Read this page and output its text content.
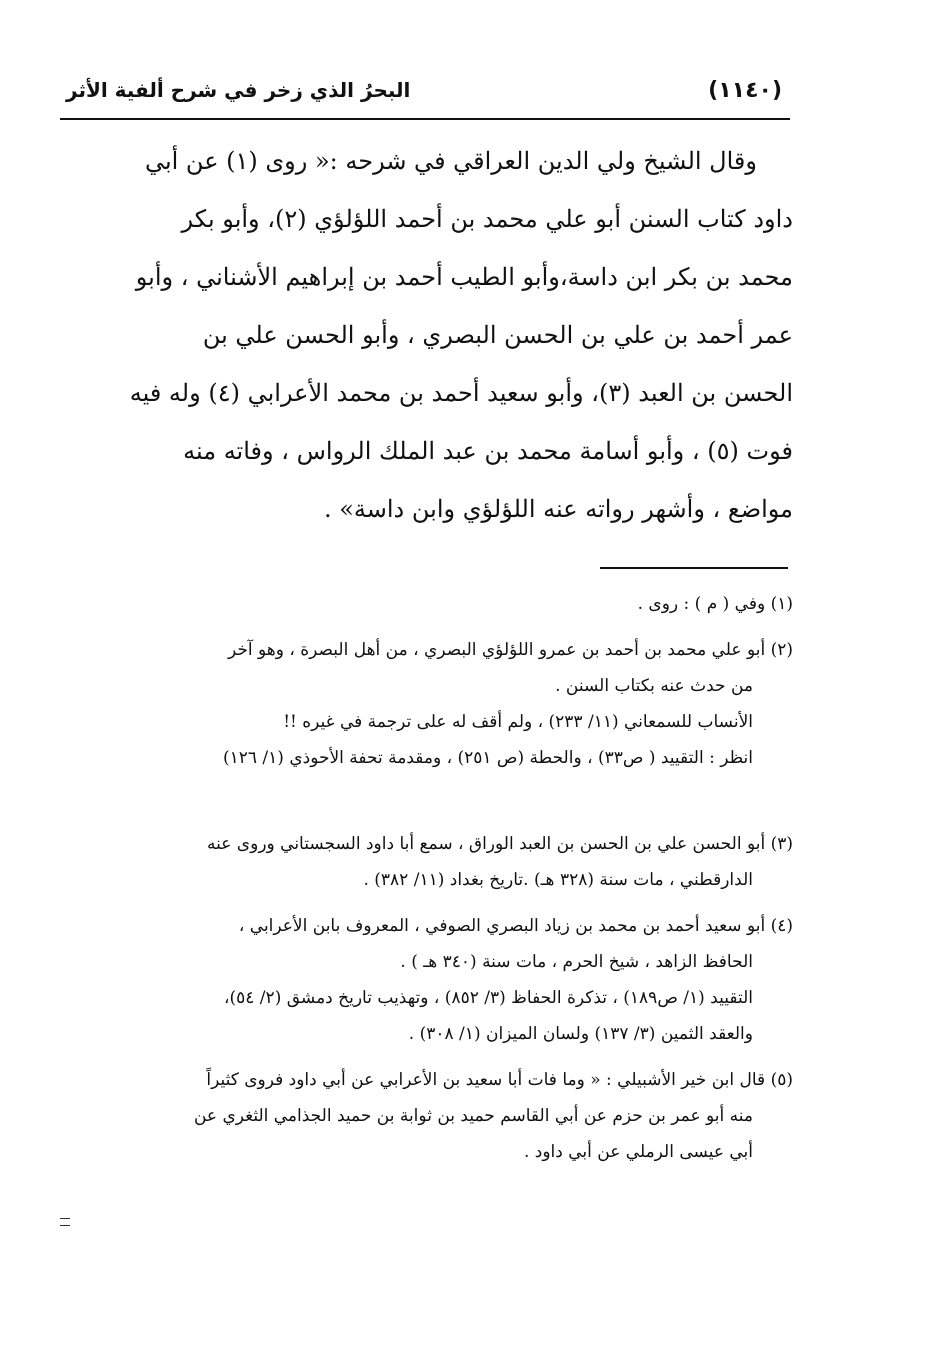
(١١٤٠)
البحرُ الذي زخر في شرح ألفية الأثر
وقال الشيخ ولي الدين العراقي في شرحه :« روى (١) عن أبي
داود كتاب السنن أبو علي محمد بن أحمد اللؤلؤي (٢)، وأبو بكر
محمد بن بكر ابن داسة،وأبو الطيب أحمد بن إبراهيم الأشناني ، وأبو
عمر أحمد بن علي بن الحسن البصري ، وأبو الحسن علي بن
الحسن بن العبد (٣)، وأبو سعيد أحمد بن محمد الأعرابي (٤) وله فيه
فوت (٥) ، وأبو أسامة محمد بن عبد الملك الرواس ، وفاته منه
مواضع ، وأشهر رواته عنه اللؤلؤي وابن داسة» .
(١) وفي ( م ) : روى .
(٢) أبو علي محمد بن أحمد بن عمرو اللؤلؤي البصري ، من أهل البصرة ، وهو آخر
من حدث عنه بكتاب السنن .
الأنساب للسمعاني (١١/ ٢٣٣) ، ولم أقف له على ترجمة في غيره !!
انظر : التقييد ( ص٣٣) ، والحطة (ص ٢٥١) ، ومقدمة تحفة الأحوذي (١/ ١٢٦)
(٣) أبو الحسن علي بن الحسن بن العبد الوراق ، سمع أبا داود السجستاني وروى عنه
الدارقطني ، مات سنة (٣٢٨ هـ) .تاريخ بغداد (١١/ ٣٨٢) .
(٤) أبو سعيد أحمد بن محمد بن زياد البصري الصوفي ، المعروف بابن الأعرابي ،
الحافظ الزاهد ، شيخ الحرم ، مات سنة (٣٤٠ هـ ) .
التقييد (١/ ص١٨٩) ، تذكرة الحفاظ (٣/ ٨٥٢) ، وتهذيب تاريخ دمشق (٢/ ٥٤)،
والعقد الثمين (٣/ ١٣٧) ولسان الميزان (١/ ٣٠٨) .
(٥) قال ابن خير الأشبيلي : « وما فات أبا سعيد بن الأعرابي عن أبي داود فروى كثيراً
منه أبو عمر بن حزم عن أبي القاسم حميد بن ثوابة بن حميد الجذامي الثغري عن
أبي عيسى الرملي عن أبي داود .
